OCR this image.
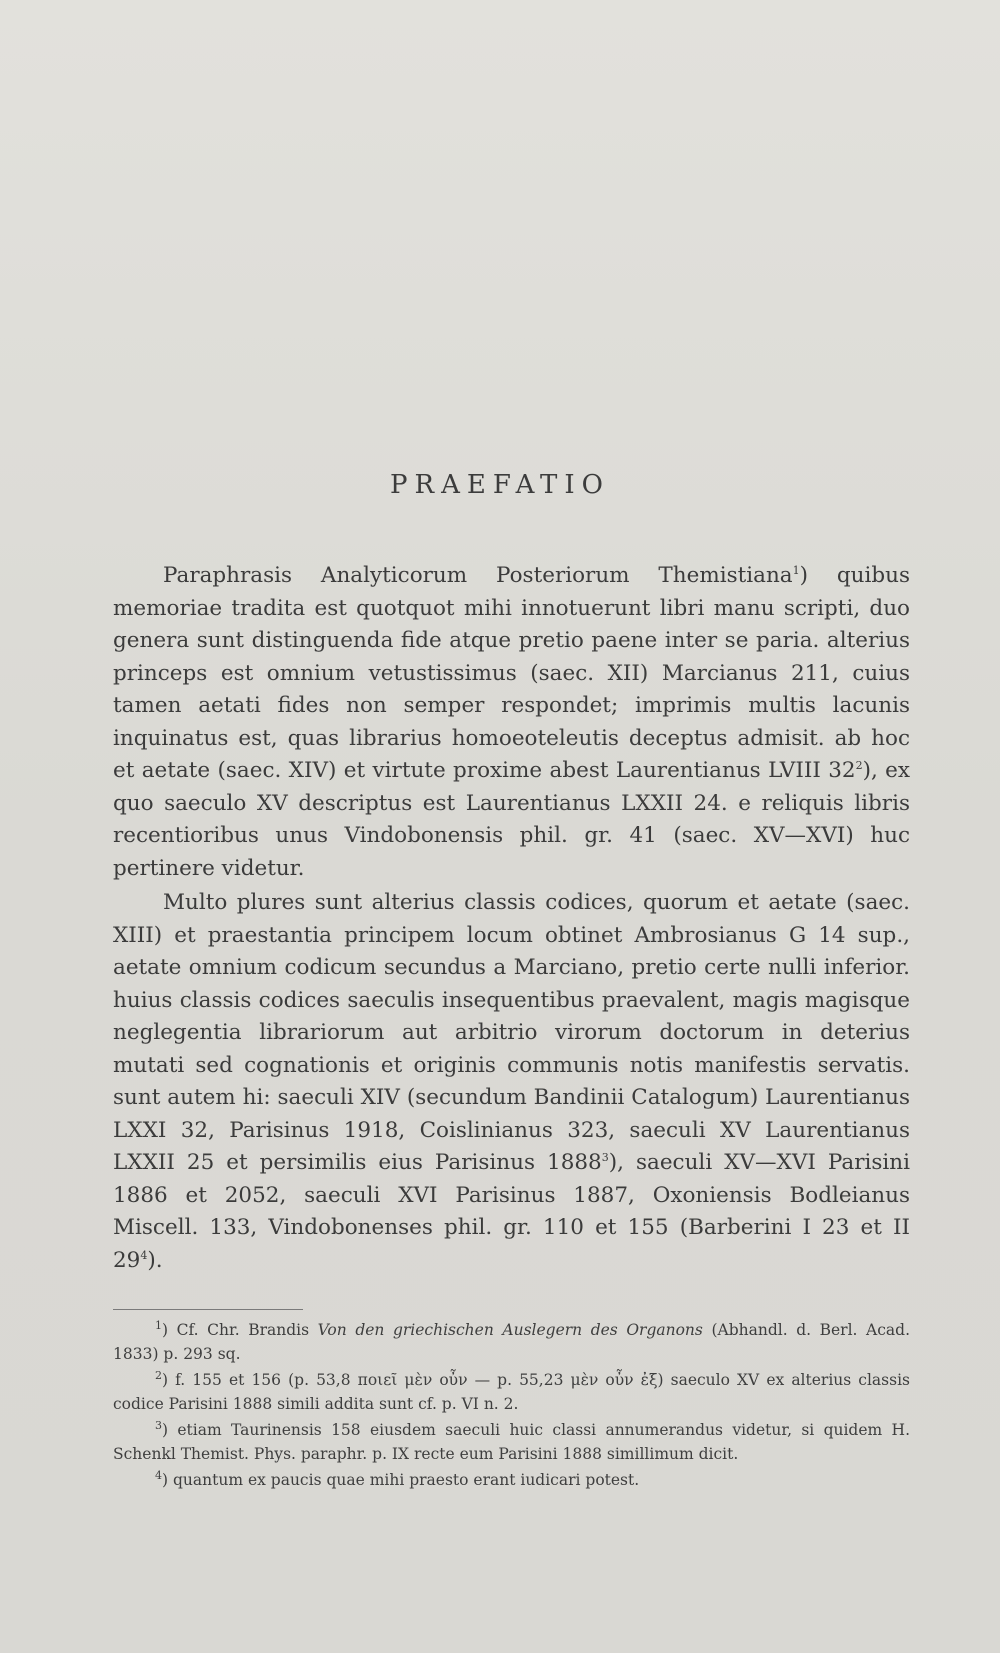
PRAEFATIO

Paraphrasis Analyticorum Posteriorum Themistiana$^1$) quibus memoriae tradita est quotquot mihi innotuerunt libri manu scripti, duo genera sunt distinguenda fide atque pretio paene inter se paria. alterius princeps est omnium vetustissimus (saec. XII) Marcianus 211, cuius tamen aetati fides non semper respondet; imprimis multis lacunis inquinatus est, quas librarius homoeoteleutis deceptus admisit. ab hoc et aetate (saec. XIV) et virtute proxime abest Laurentianus LVIII $32^2$), ex quo saeculo XV descriptus est Laurentianus LXXII 24. e reliquis libris recentioribus unus Vindobonensis phil. gr. 41 (saec. XV—XVI) huc pertinere videtur.

Multo plures sunt alterius classis codices, quorum et aetate (saec. XIII) et praestantia principem locum obtinet Ambrosianus G 14 sup., aetate omnium codicum secundus a Marciano, pretio certe nulli inferior. huius classis codices saeculis insequentibus praevalent, magis magisque neglegentia librariorum aut arbitrio virorum doctorum in deterius mutati sed cognationis et originis communis notis manifestis servatis. sunt autem hi: saeculi XIV (secundum Bandinii Catalogum) Laurentianus LXXI 32, Parisinus 1918, Coislinianus 323, saeculi XV Laurentianus LXXII 25 et persimilis eius Parisinus 1888$^3$), saeculi XV—XVI Parisini 1886 et 2052, saeculi XVI Parisinus 1887, Oxoniensis Bodleianus Miscell. 133, Vindobonenses phil. gr. 110 et 155 (Barberini I 23 et II $29^4$).

$^1$) Cf. Chr. Brandis Von den griechischen Auslegern des Organons (Abhandl. d. Berl. Acad. 1833) p. 293 sq.

$^2$) f. 155 et 156 (p. 53,8 ποιεῖ μὲν οὖν — p. 55,23 μὲν οὖν ἐξ) saeculo XV ex alterius classis codice Parisini 1888 simili addita sunt cf. p. VI n. 2.

$^3$) etiam Taurinensis 158 eiusdem saeculi huic classi annumerandus videtur, si quidem H. Schenkl Themist. Phys. paraphr. p. IX recte eum Parisini 1888 simillimum dicit.

$^4$) quantum ex paucis quae mihi praesto erant iudicari potest.
